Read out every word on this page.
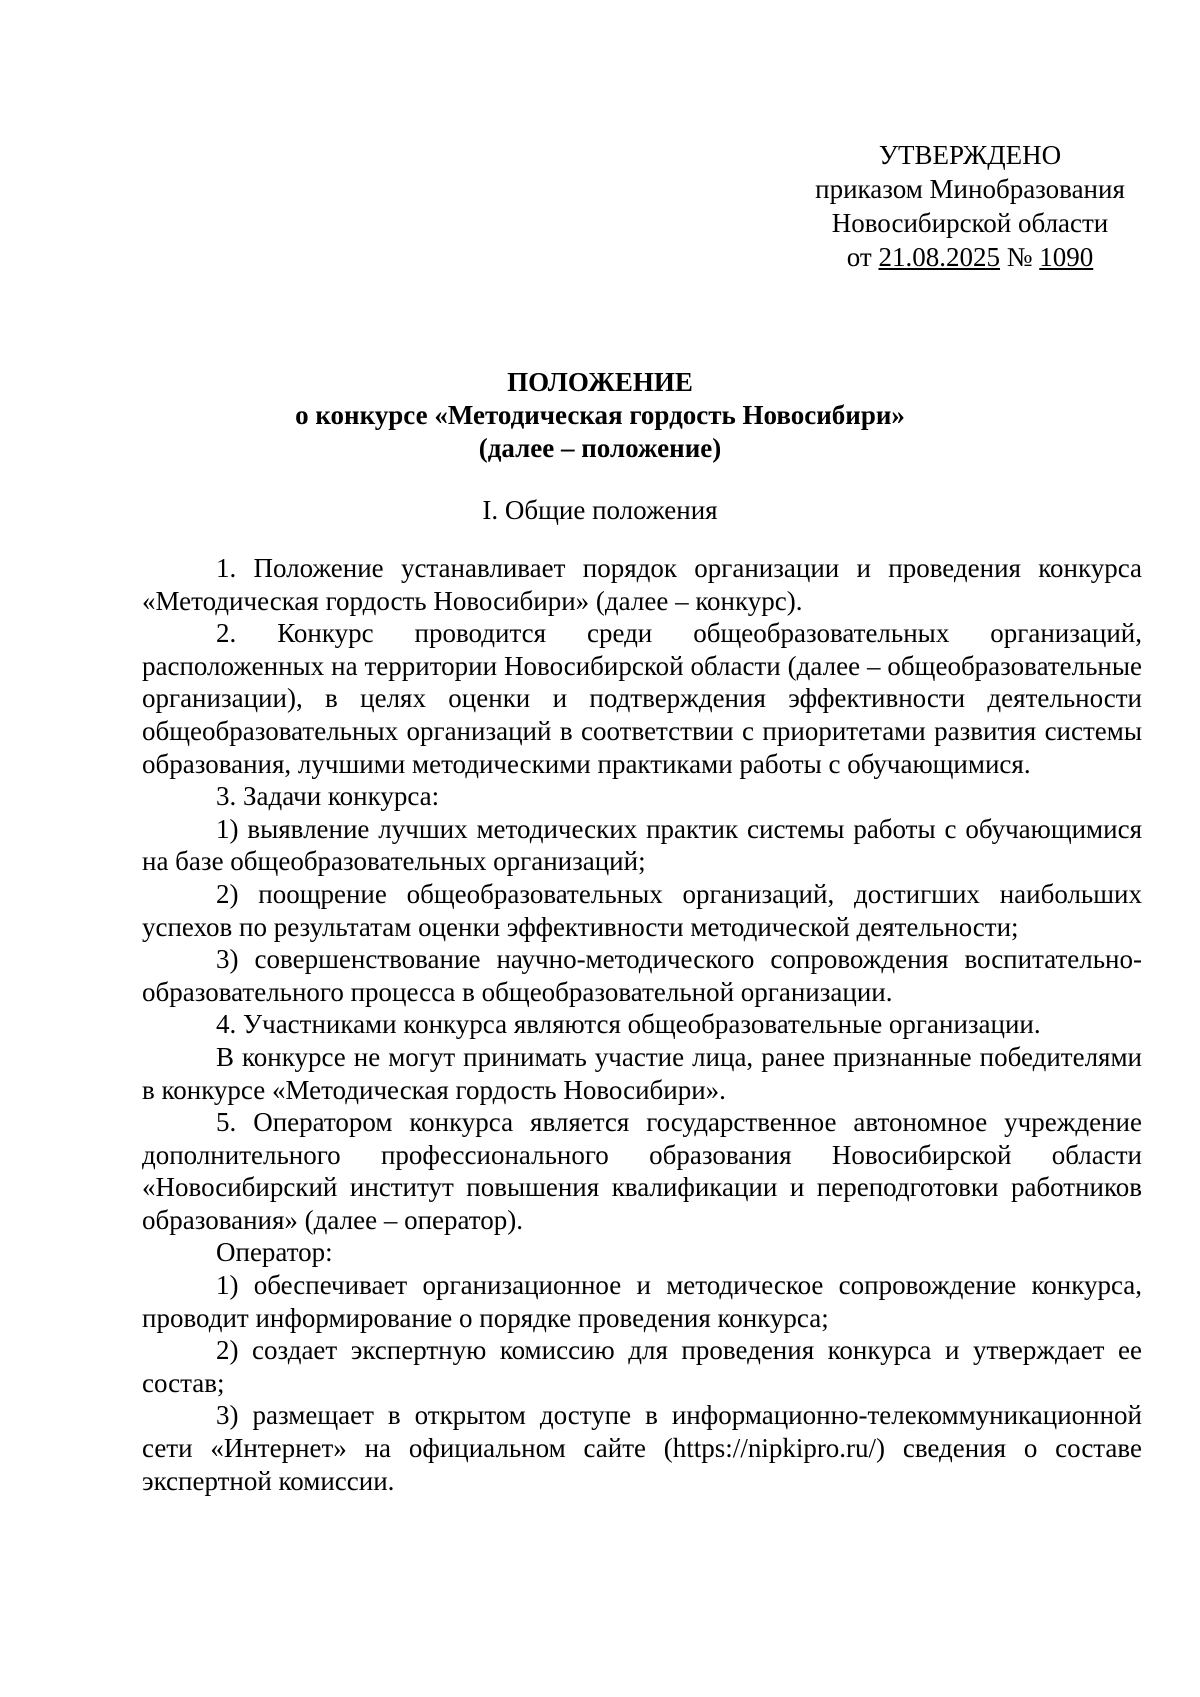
УТВЕРЖДЕНО
приказом Минобразования
Новосибирской области
от 21.08.2025 № 1090
ПОЛОЖЕНИЕ
о конкурсе «Методическая гордость Новосибири»
(далее – положение)
I. Общие положения

1. Положение устанавливает порядок организации и проведения конкурса «Методическая гордость Новосибири» (далее – конкурс).

2. Конкурс проводится среди общеобразовательных организаций, расположенных на территории Новосибирской области (далее – общеобразовательные организации), в целях оценки и подтверждения эффективности деятельности общеобразовательных организаций в соответствии с приоритетами развития системы образования, лучшими методическими практиками работы с обучающимися.

3. Задачи конкурса:

1) выявление лучших методических практик системы работы с обучающимися на базе общеобразовательных организаций;

2) поощрение общеобразовательных организаций, достигших наибольших успехов по результатам оценки эффективности методической деятельности;

3) совершенствование научно-методического сопровождения воспитательно-образовательного процесса в общеобразовательной организации.

4. Участниками конкурса являются общеобразовательные организации.

В конкурсе не могут принимать участие лица, ранее признанные победителями в конкурсе «Методическая гордость Новосибири».

5. Оператором конкурса является государственное автономное учреждение дополнительного профессионального образования Новосибирской области «Новосибирский институт повышения квалификации и переподготовки работников образования» (далее – оператор).

Оператор:

1) обеспечивает организационное и методическое сопровождение конкурса, проводит информирование о порядке проведения конкурса;

2) создает экспертную комиссию для проведения конкурса и утверждает ее состав;

3) размещает в открытом доступе в информационно-телекоммуникационной сети «Интернет» на официальном сайте (https://nipkipro.ru/) сведения о составе экспертной комиссии.
